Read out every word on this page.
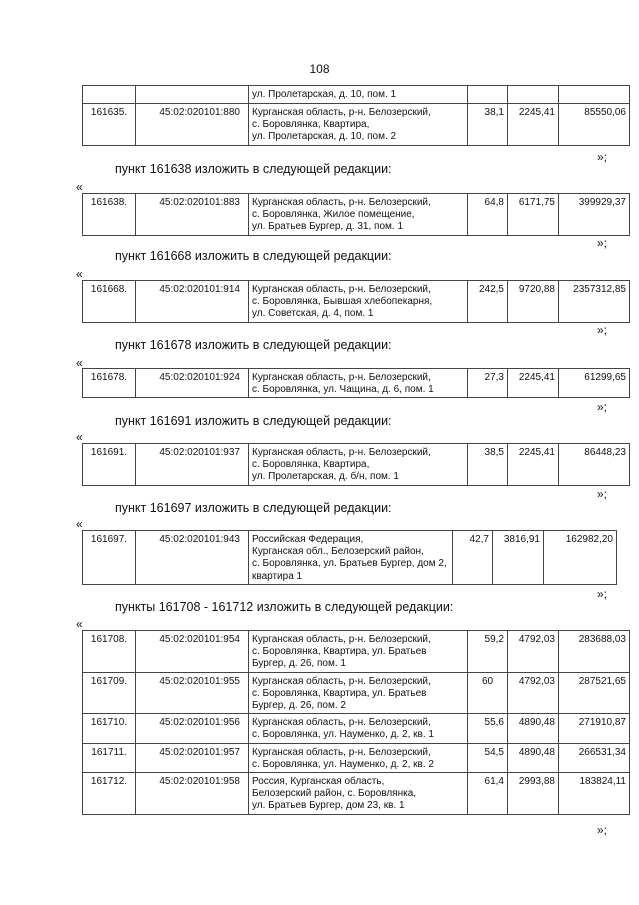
108

		ул. Пролетарская, д. 10, пом. 1			

161635.	45:02:020101:880	Курганская область, р-н. Белозерский,
с. Боровлянка, Квартира,
ул. Пролетарская, д. 10, пом. 2	38,1	2245,41	85550,06
»;
пункт 161638 изложить в следующей редакции:
«
161638.	45:02:020101:883	Курганская область, р-н. Белозерский,
с. Боровлянка, Жилое помещение,
ул. Братьев Бургер, д. 31, пом. 1
	64,8	6171,75	399929,37
»;
пункт 161668 изложить в следующей редакции:
«
161668.	45:02:020101:914	Курганская область, р-н. Белозерский,
с. Боровлянка, Бывшая хлебопекарня,
ул. Советская, д. 4, пом. 1
	242,5	9720,88	2357312,85
»;
пункт 161678 изложить в следующей редакции:
«
161678.	45:02:020101:924	Курганская область, р-н. Белозерский,
с. Боровлянка, ул. Чащина, д. 6, пом. 1
	27,3	2245,41	61299,65
»;
пункт 161691 изложить в следующей редакции:
«
161691.	45:02:020101:937	Курганская область, р-н. Белозерский,
с. Боровлянка, Квартира,
ул. Пролетарская, д. б/н, пом. 1
	38,5	2245,41	86448,23
»;
пункт 161697 изложить в следующей редакции:
«
161697.	45:02:020101:943	Российская Федерация,
Курганская обл., Белозерский район,
с. Боровлянка, ул. Братьев Бургер, дом 2,
квартира 1
	42,7	3816,91	162982,20
»;
пункты 161708 - 161712 изложить в следующей редакции:
«
161708.	45:02:020101:954	Курганская область, р-н. Белозерский,
с. Боровлянка, Квартира, ул. Братьев
Бургер, д. 26, пом. 1	59,2	4792,03	283688,03
161709.	45:02:020101:955	Курганская область, р-н. Белозерский,
с. Боровлянка, Квартира, ул. Братьев
Бургер, д. 26, пом. 2	60	4792,03	287521,65
161710.	45:02:020101:956	Курганская область, р-н. Белозерский,
с. Боровлянка, ул. Науменко, д. 2, кв. 1	55,6	4890,48	271910,87
161711.	45:02:020101:957	Курганская область, р-н. Белозерский,
с. Боровлянка, ул. Науменко, д. 2, кв. 2	54,5	4890,48	266531,34
161712.	45:02:020101:958	Россия, Курганская область,
Белозерский район, с. Боровлянка,
ул. Братьев Бургер, дом 23, кв. 1	61,4	2993,88	183824,11
»;
